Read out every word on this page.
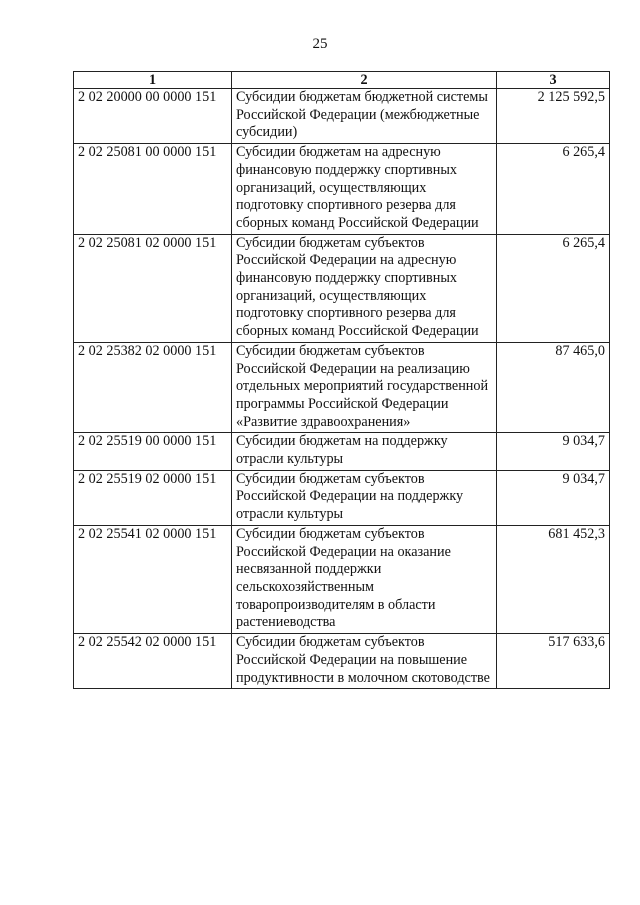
25
1	2	3
2 02 20000 00 0000 151	Субсидии бюджетам бюджетной системы Российской Федерации (межбюджетные субсидии)	2 125 592,5
2 02 25081 00 0000 151	Субсидии бюджетам на адресную финансовую поддержку спортивных организаций, осуществляющих подготовку спортивного резерва для сборных команд Российской Федерации	6 265,4
2 02 25081 02 0000 151	Субсидии бюджетам субъектов Российской Федерации на адресную финансовую поддержку спортивных организаций, осуществляющих подготовку спортивного резерва для сборных команд Российской Федерации	6 265,4
2 02 25382 02 0000 151	Субсидии бюджетам субъектов Российской Федерации на реализацию отдельных мероприятий государственной программы Российской Федерации «Развитие здравоохранения»	87 465,0
2 02 25519 00 0000 151	Субсидии бюджетам на поддержку отрасли культуры	9 034,7
2 02 25519 02 0000 151	Субсидии бюджетам субъектов Российской Федерации на поддержку отрасли культуры	9 034,7
2 02 25541 02 0000 151	Субсидии бюджетам субъектов Российской Федерации на оказание несвязанной поддержки сельскохозяйственным товаропроизводителям в области растениеводства	681 452,3
2 02 25542 02 0000 151	Субсидии бюджетам субъектов Российской Федерации на повышение продуктивности в молочном скотоводстве	517 633,6
